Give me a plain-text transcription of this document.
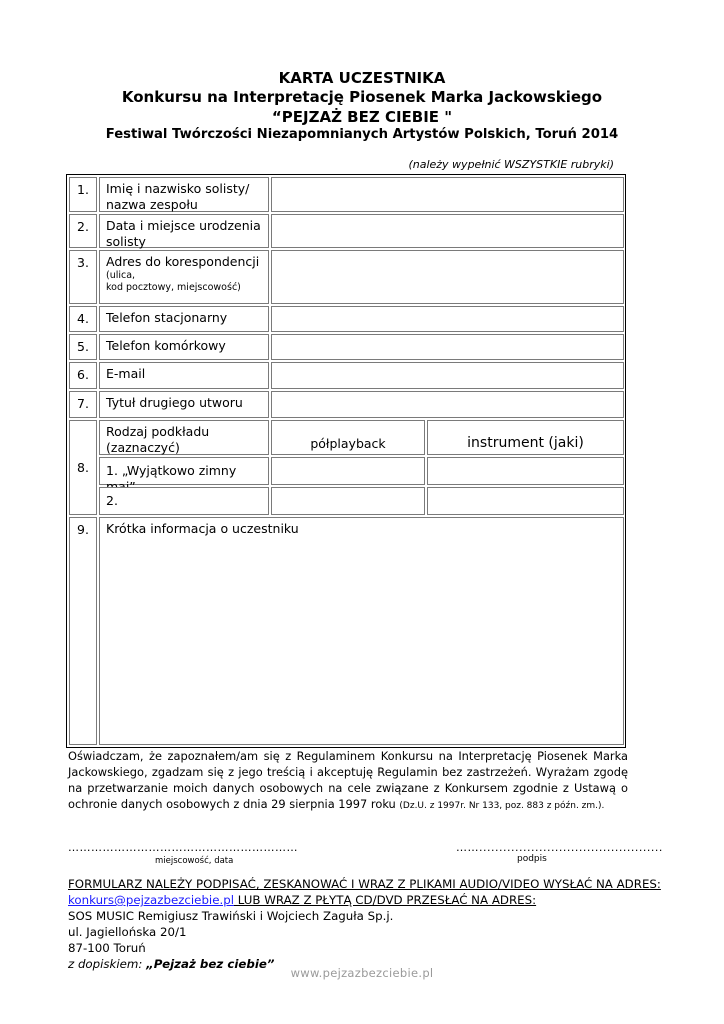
KARTA UCZESTNIKA
Konkursu na Interpretację Piosenek Marka Jackowskiego
“PEJZAŻ BEZ CIEBIE "
Festiwal Twórczości Niezapomnianych Artystów Polskich, Toruń 2014
(należy wypełnić WSZYSTKIE rubryki)
1.	Imię i nazwisko solisty/
nazwa zespołu
2.	Data i miejsce urodzenia
solisty
3.	Adres do korespondencji
(ulica,
kod pocztowy, miejscowość)
4.	Telefon stacjonarny
5.	Telefon komórkowy
6.	E-mail
7.	Tytuł drugiego utworu
8.
Rodzaj podkładu
(zaznaczyć)	półplayback	instrument (jaki)
1. „Wyjątkowo zimny
2.
9.	Krótka informacja o uczestniku
Oświadczam, że zapoznałem/am się z Regulaminem Konkursu na Interpretację Piosenek Marka Jackowskiego, zgadzam się z jego treścią i akceptuję Regulamin bez zastrzeżeń. Wyrażam zgodę na przetwarzanie moich danych osobowych na cele związane z Konkursem zgodnie z Ustawą o ochronie danych osobowych z dnia 29 sierpnia 1997 roku (Dz.U. z 1997r. Nr 133, poz. 883 z późn. zm.).
……………………………………………………	……..............................................
miejscowość, data	podpis
FORMULARZ NALEŻY PODPISAĆ, ZESKANOWAĆ I WRAZ Z PLIKAMI AUDIO/VIDEO WYSŁAĆ NA ADRES:
konkurs@pejzazbezciebie.pl LUB WRAZ Z PŁYTĄ CD/DVD PRZESŁAĆ NA ADRES:
SOS MUSIC Remigiusz Trawiński i Wojciech Zaguła Sp.j.
ul. Jagiellońska 20/1
87-100 Toruń
z dopiskiem: „Pejzaż bez ciebie”
www.pejzazbezciebie.pl
